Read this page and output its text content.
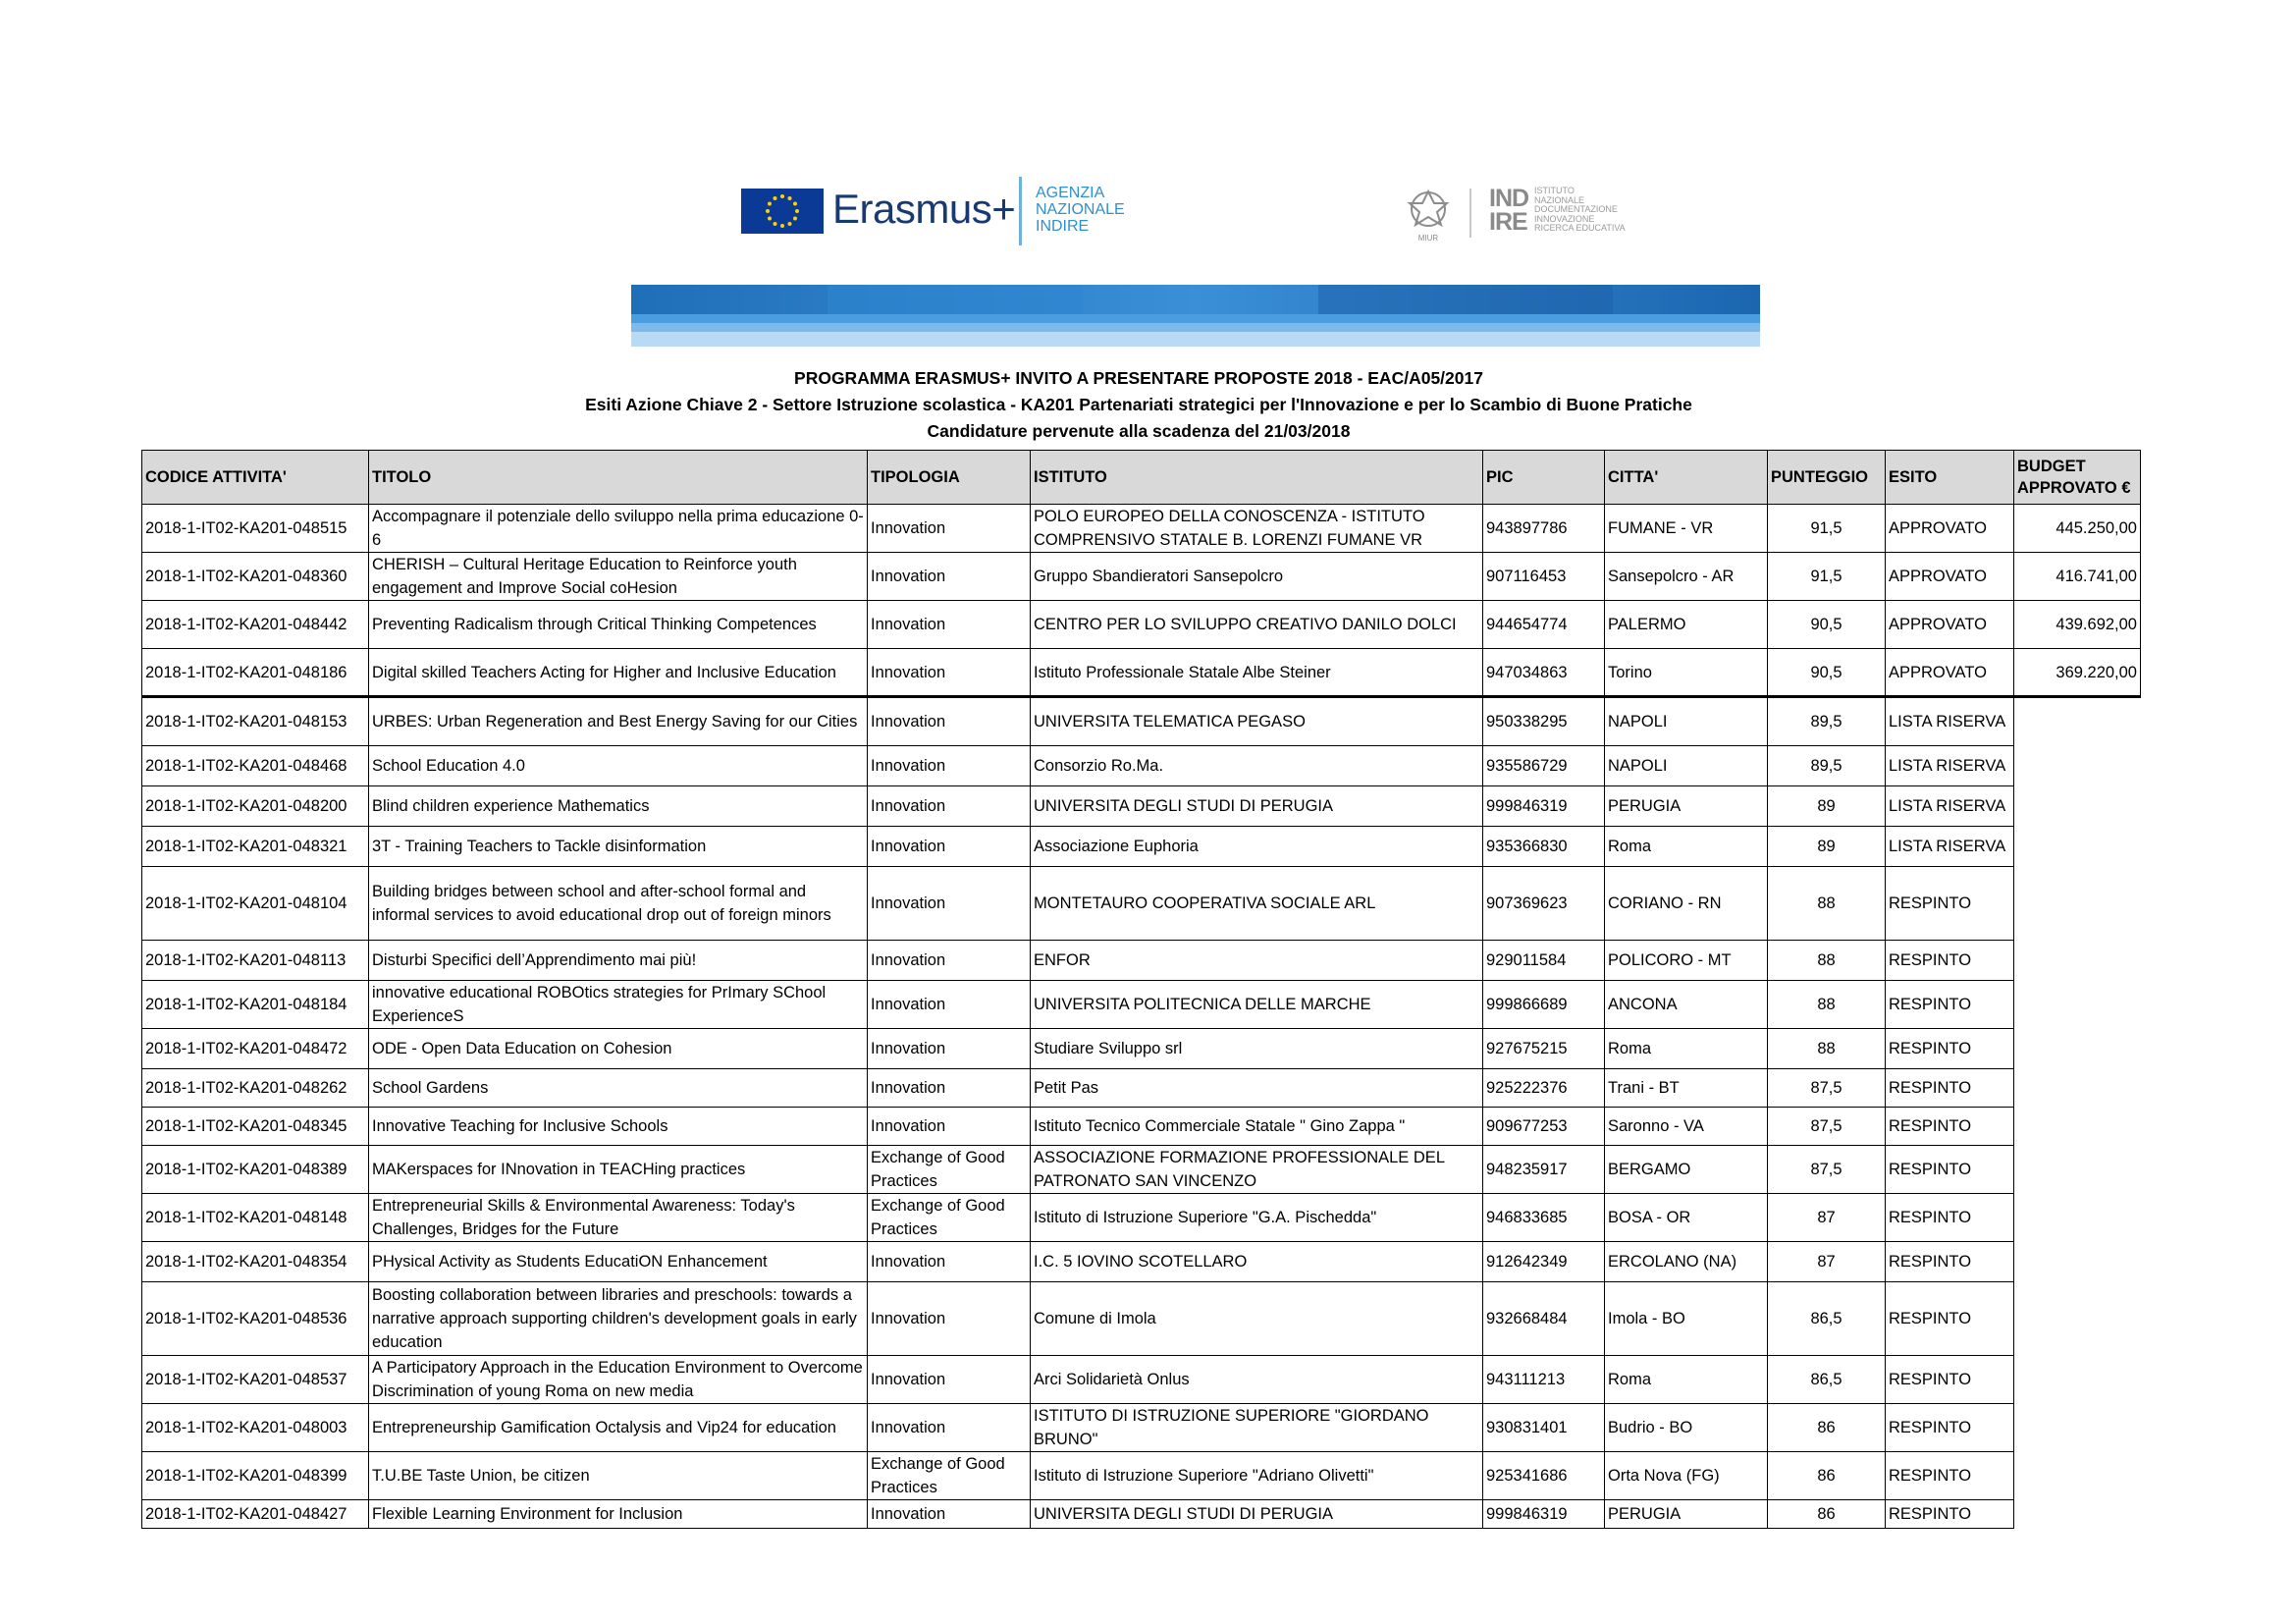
Erasmus+ AGENZIA
NAZIONALE
INDIRE
MIUR
IND
IRE
ISTITUTO
NAZIONALE
DOCUMENTAZIONE
INNOVAZIONE
RICERCA EDUCATIVA
PROGRAMMA ERASMUS+ INVITO A PRESENTARE PROPOSTE 2018 - EAC/A05/2017
Esiti Azione Chiave 2 - Settore Istruzione scolastica - KA201 Partenariati strategici per l'Innovazione e per lo Scambio di Buone Pratiche
Candidature pervenute alla scadenza del 21/03/2018
CODICE ATTIVITA'	TITOLO	TIPOLOGIA	ISTITUTO	PIC	CITTA'	PUNTEGGIO	ESITO	BUDGET APPROVATO €
2018-1-IT02-KA201-048515	Accompagnare il potenziale dello sviluppo nella prima educazione 0-6	Innovation	POLO EUROPEO DELLA CONOSCENZA - ISTITUTO COMPRENSIVO STATALE B. LORENZI FUMANE VR	943897786	FUMANE - VR	91,5	APPROVATO	445.250,00
2018-1-IT02-KA201-048360	CHERISH – Cultural Heritage Education to Reinforce youth engagement and Improve Social coHesion	Innovation	Gruppo Sbandieratori Sansepolcro	907116453	Sansepolcro - AR	91,5	APPROVATO	416.741,00
2018-1-IT02-KA201-048442	Preventing Radicalism through Critical Thinking Competences	Innovation	CENTRO PER LO SVILUPPO CREATIVO DANILO DOLCI	944654774	PALERMO	90,5	APPROVATO	439.692,00
2018-1-IT02-KA201-048186	Digital skilled Teachers Acting for Higher and Inclusive Education	Innovation	Istituto Professionale Statale Albe Steiner	947034863	Torino	90,5	APPROVATO	369.220,00
2018-1-IT02-KA201-048153	URBES: Urban Regeneration and Best Energy Saving for our Cities	Innovation	UNIVERSITA TELEMATICA PEGASO	950338295	NAPOLI	89,5	LISTA RISERVA	
2018-1-IT02-KA201-048468	School Education 4.0	Innovation	Consorzio Ro.Ma.	935586729	NAPOLI	89,5	LISTA RISERVA	
2018-1-IT02-KA201-048200	Blind children experience Mathematics	Innovation	UNIVERSITA DEGLI STUDI DI PERUGIA	999846319	PERUGIA	89	LISTA RISERVA	
2018-1-IT02-KA201-048321	3T - Training Teachers to Tackle disinformation	Innovation	Associazione Euphoria	935366830	Roma	89	LISTA RISERVA	
2018-1-IT02-KA201-048104	Building bridges between school and after-school formal and informal services to avoid educational drop out of foreign minors	Innovation	MONTETAURO COOPERATIVA SOCIALE ARL	907369623	CORIANO - RN	88	RESPINTO	
2018-1-IT02-KA201-048113	Disturbi Specifici dell’Apprendimento mai più!	Innovation	ENFOR	929011584	POLICORO - MT	88	RESPINTO	
2018-1-IT02-KA201-048184	innovative educational ROBOtics strategies for PrImary SChool ExperienceS	Innovation	UNIVERSITA POLITECNICA DELLE MARCHE	999866689	ANCONA	88	RESPINTO	
2018-1-IT02-KA201-048472	ODE - Open Data Education on Cohesion	Innovation	Studiare Sviluppo srl	927675215	Roma	88	RESPINTO	
2018-1-IT02-KA201-048262	School Gardens	Innovation	Petit Pas	925222376	Trani - BT	87,5	RESPINTO	
2018-1-IT02-KA201-048345	Innovative Teaching for Inclusive Schools	Innovation	Istituto Tecnico Commerciale Statale " Gino Zappa "	909677253	Saronno - VA	87,5	RESPINTO	
2018-1-IT02-KA201-048389	MAKerspaces for INnovation in TEACHing practices	Exchange of Good Practices	ASSOCIAZIONE FORMAZIONE PROFESSIONALE DEL PATRONATO SAN VINCENZO	948235917	BERGAMO	87,5	RESPINTO	
2018-1-IT02-KA201-048148	Entrepreneurial Skills & Environmental Awareness: Today's Challenges, Bridges for the Future	Exchange of Good Practices	Istituto di Istruzione Superiore "G.A. Pischedda"	946833685	BOSA - OR	87	RESPINTO	
2018-1-IT02-KA201-048354	PHysical Activity as Students EducatiON Enhancement	Innovation	I.C. 5 IOVINO SCOTELLARO	912642349	ERCOLANO (NA)	87	RESPINTO	
2018-1-IT02-KA201-048536	Boosting collaboration between libraries and preschools: towards a narrative approach supporting children's development goals in early education	Innovation	Comune di Imola	932668484	Imola - BO	86,5	RESPINTO	
2018-1-IT02-KA201-048537	A Participatory Approach in the Education Environment to Overcome Discrimination of young Roma on new media	Innovation	Arci Solidarietà Onlus	943111213	Roma	86,5	RESPINTO	
2018-1-IT02-KA201-048003	Entrepreneurship Gamification Octalysis and Vip24 for education	Innovation	ISTITUTO DI ISTRUZIONE SUPERIORE "GIORDANO BRUNO"	930831401	Budrio - BO	86	RESPINTO	
2018-1-IT02-KA201-048399	T.U.BE Taste Union, be citizen	Exchange of Good Practices	Istituto di Istruzione Superiore "Adriano Olivetti"	925341686	Orta Nova (FG)	86	RESPINTO	
2018-1-IT02-KA201-048427	Flexible Learning Environment for Inclusion	Innovation	UNIVERSITA DEGLI STUDI DI PERUGIA	999846319	PERUGIA	86	RESPINTO	
